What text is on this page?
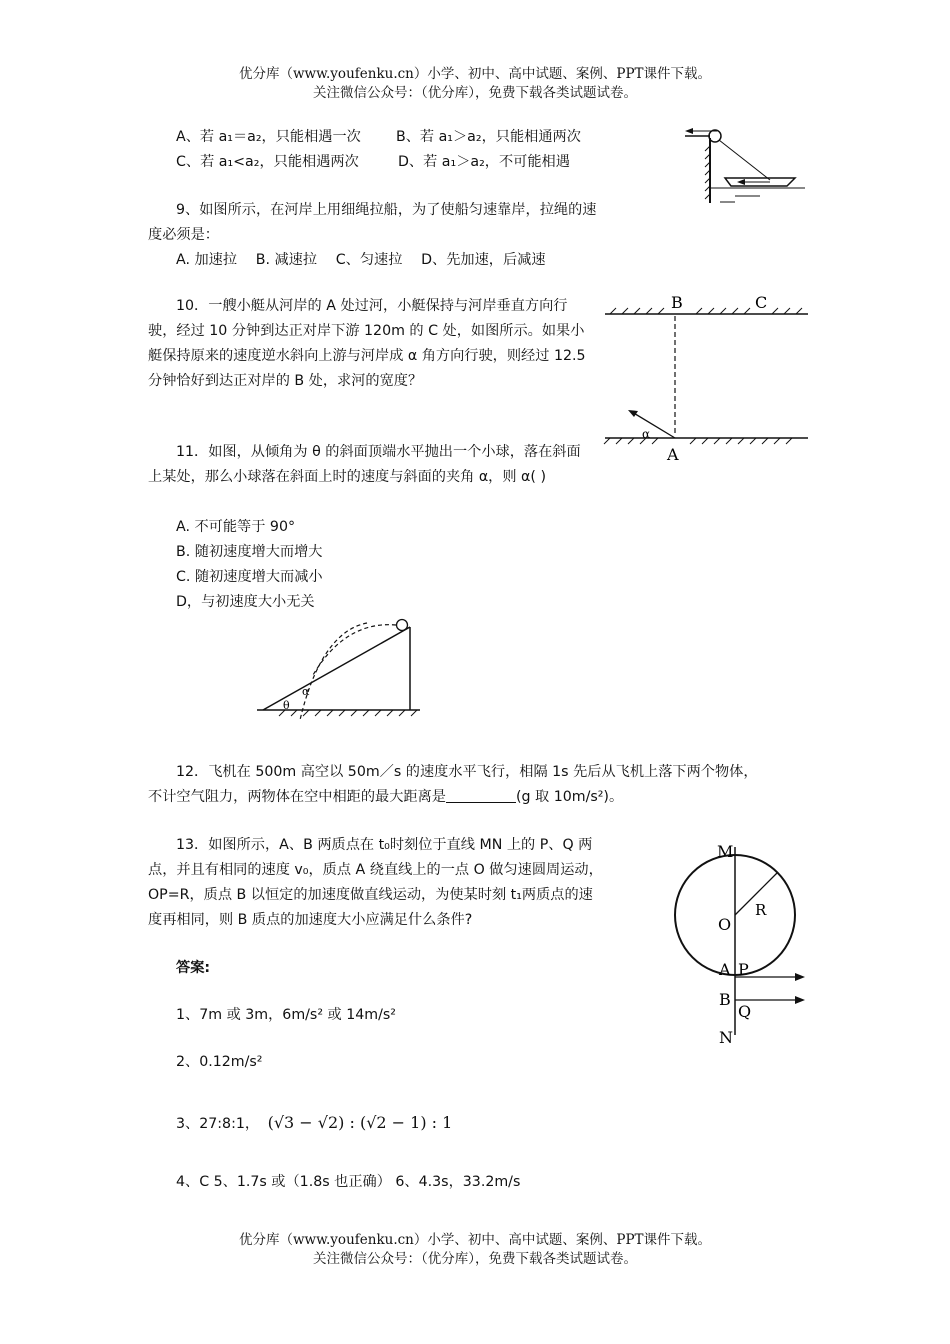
优分库（www.youfenku.cn）小学、初中、高中试题、案例、PPT课件下载。
关注微信公众号：（优分库），免费下载各类试题试卷。
A、若 a₁＝a₂，只能相遇一次 B、若 a₁＞a₂，只能相通两次
C、若 a₁<a₂，只能相遇两次	D、若 a₁＞a₂，不可能相遇
9、如图所示，在河岸上用细绳拉船，为了使船匀速靠岸，拉绳的速
度必须是：
A. 加速拉　 B. 减速拉　 C、匀速拉　 D、先加速，后减速
10．一艘小艇从河岸的 A 处过河，小艇保持与河岸垂直方向行驶，经过 10 分钟到达正对岸下游 120m 的 C 处，如图所示。如果小艇保持原来的速度逆水斜向上游与河岸成 α 角方向行驶，则经过 12.5 分钟恰好到达正对岸的 B 处，求河的宽度？
B	C
α
A
11．如图，从倾角为 θ 的斜面顶端水平抛出一个小球，落在斜面上某处，那么小球落在斜面上时的速度与斜面的夹角 α，则 α( )
A. 不可能等于 90°
B. 随初速度增大而增大
C. 随初速度增大而减小
D，与初速度大小无关
θ
α
12．飞机在 500m 高空以 50m／s 的速度水平飞行，相隔 1s 先后从飞机上落下两个物体，
不计空气阻力，两物体在空中相距的最大距离是	(g 取 10m/s²)。
13．如图所示，A、B 两质点在 t₀时刻位于直线 MN 上的 P、Q 两
点，并且有相同的速度 v₀，质点 A 绕直线上的一点 O 做匀速圆周运动，
OP=R，质点 B 以恒定的加速度做直线运动，为使某时刻 t₁两质点的速
度再相同，则 B 质点的加速度大小应满足什么条件?
M
O
R
A P
B
Q
N
答案:
1、7m 或 3m，6m/s² 或 14m/s²
2、0.12m/s²
3、27:8:1， (√3 − √2) : (√2 − 1) : 1
4、C 5、1.7s 或（1.8s 也正确） 6、4.3s，33.2m/s
优分库（www.youfenku.cn）小学、初中、高中试题、案例、PPT课件下载。
关注微信公众号：（优分库），免费下载各类试题试卷。
